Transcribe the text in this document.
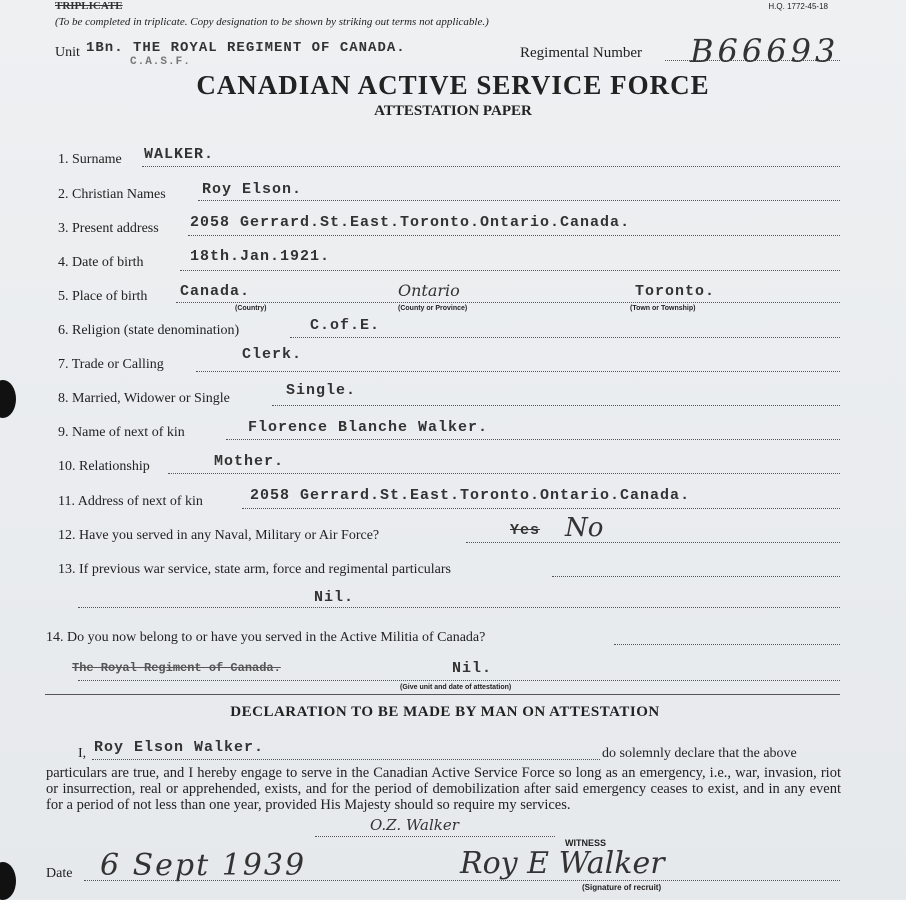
TRIPLICATE	H.Q. 1772-45-18
(To be completed in triplicate. Copy designation to be shown by striking out terms not applicable.)
Unit 1Bn. THE ROYAL REGIMENT OF CANADA.
C.A.S.F.
Regimental Number B66693
CANADIAN ACTIVE SERVICE FORCE
ATTESTATION PAPER
1. Surname WALKER.
2. Christian Names Roy Elson.
3. Present address 2058 Gerrard.St.East.Toronto.Ontario.Canada.
4. Date of birth	18th.Jan.1921.
5. Place of birth Canada.	Ontario	Toronto.
(Country)	(County or Province)	(Town or Township)
6. Religion (state denomination)	C.of.E.
7. Trade or Calling
Clerk.
8. Married, Widower or Single	Single.
9. Name of next of kin	Florence Blanche Walker.
10. Relationship	Mother.
11. Address of next of kin	2058 Gerrard.St.East.Toronto.Ontario.Canada.
12. Have you served in any Naval, Military or Air Force?	Yes No
13. If previous war service, state arm, force and regimental particulars
Nil.
14. Do you now belong to or have you served in the Active Militia of Canada?
The Royal Regiment of Canada.	Nil.
(Give unit and date of attestation)
DECLARATION TO BE MADE BY MAN ON ATTESTATION
I, Roy Elson Walker.	do solemnly declare that the above
particulars are true, and I hereby engage to serve in the Canadian Active Service Force so long as an emergency, i.e., war, invasion, riot or insurrection, real or apprehended, exists, and for the period of demobilization after said emergency ceases to exist, and in any event for a period of not less than one year, provided His Majesty should so require my services.
O.Z. Walker
WITNESS
Date 6 Sept 1939	Roy E Walker
(Signature of recruit)
